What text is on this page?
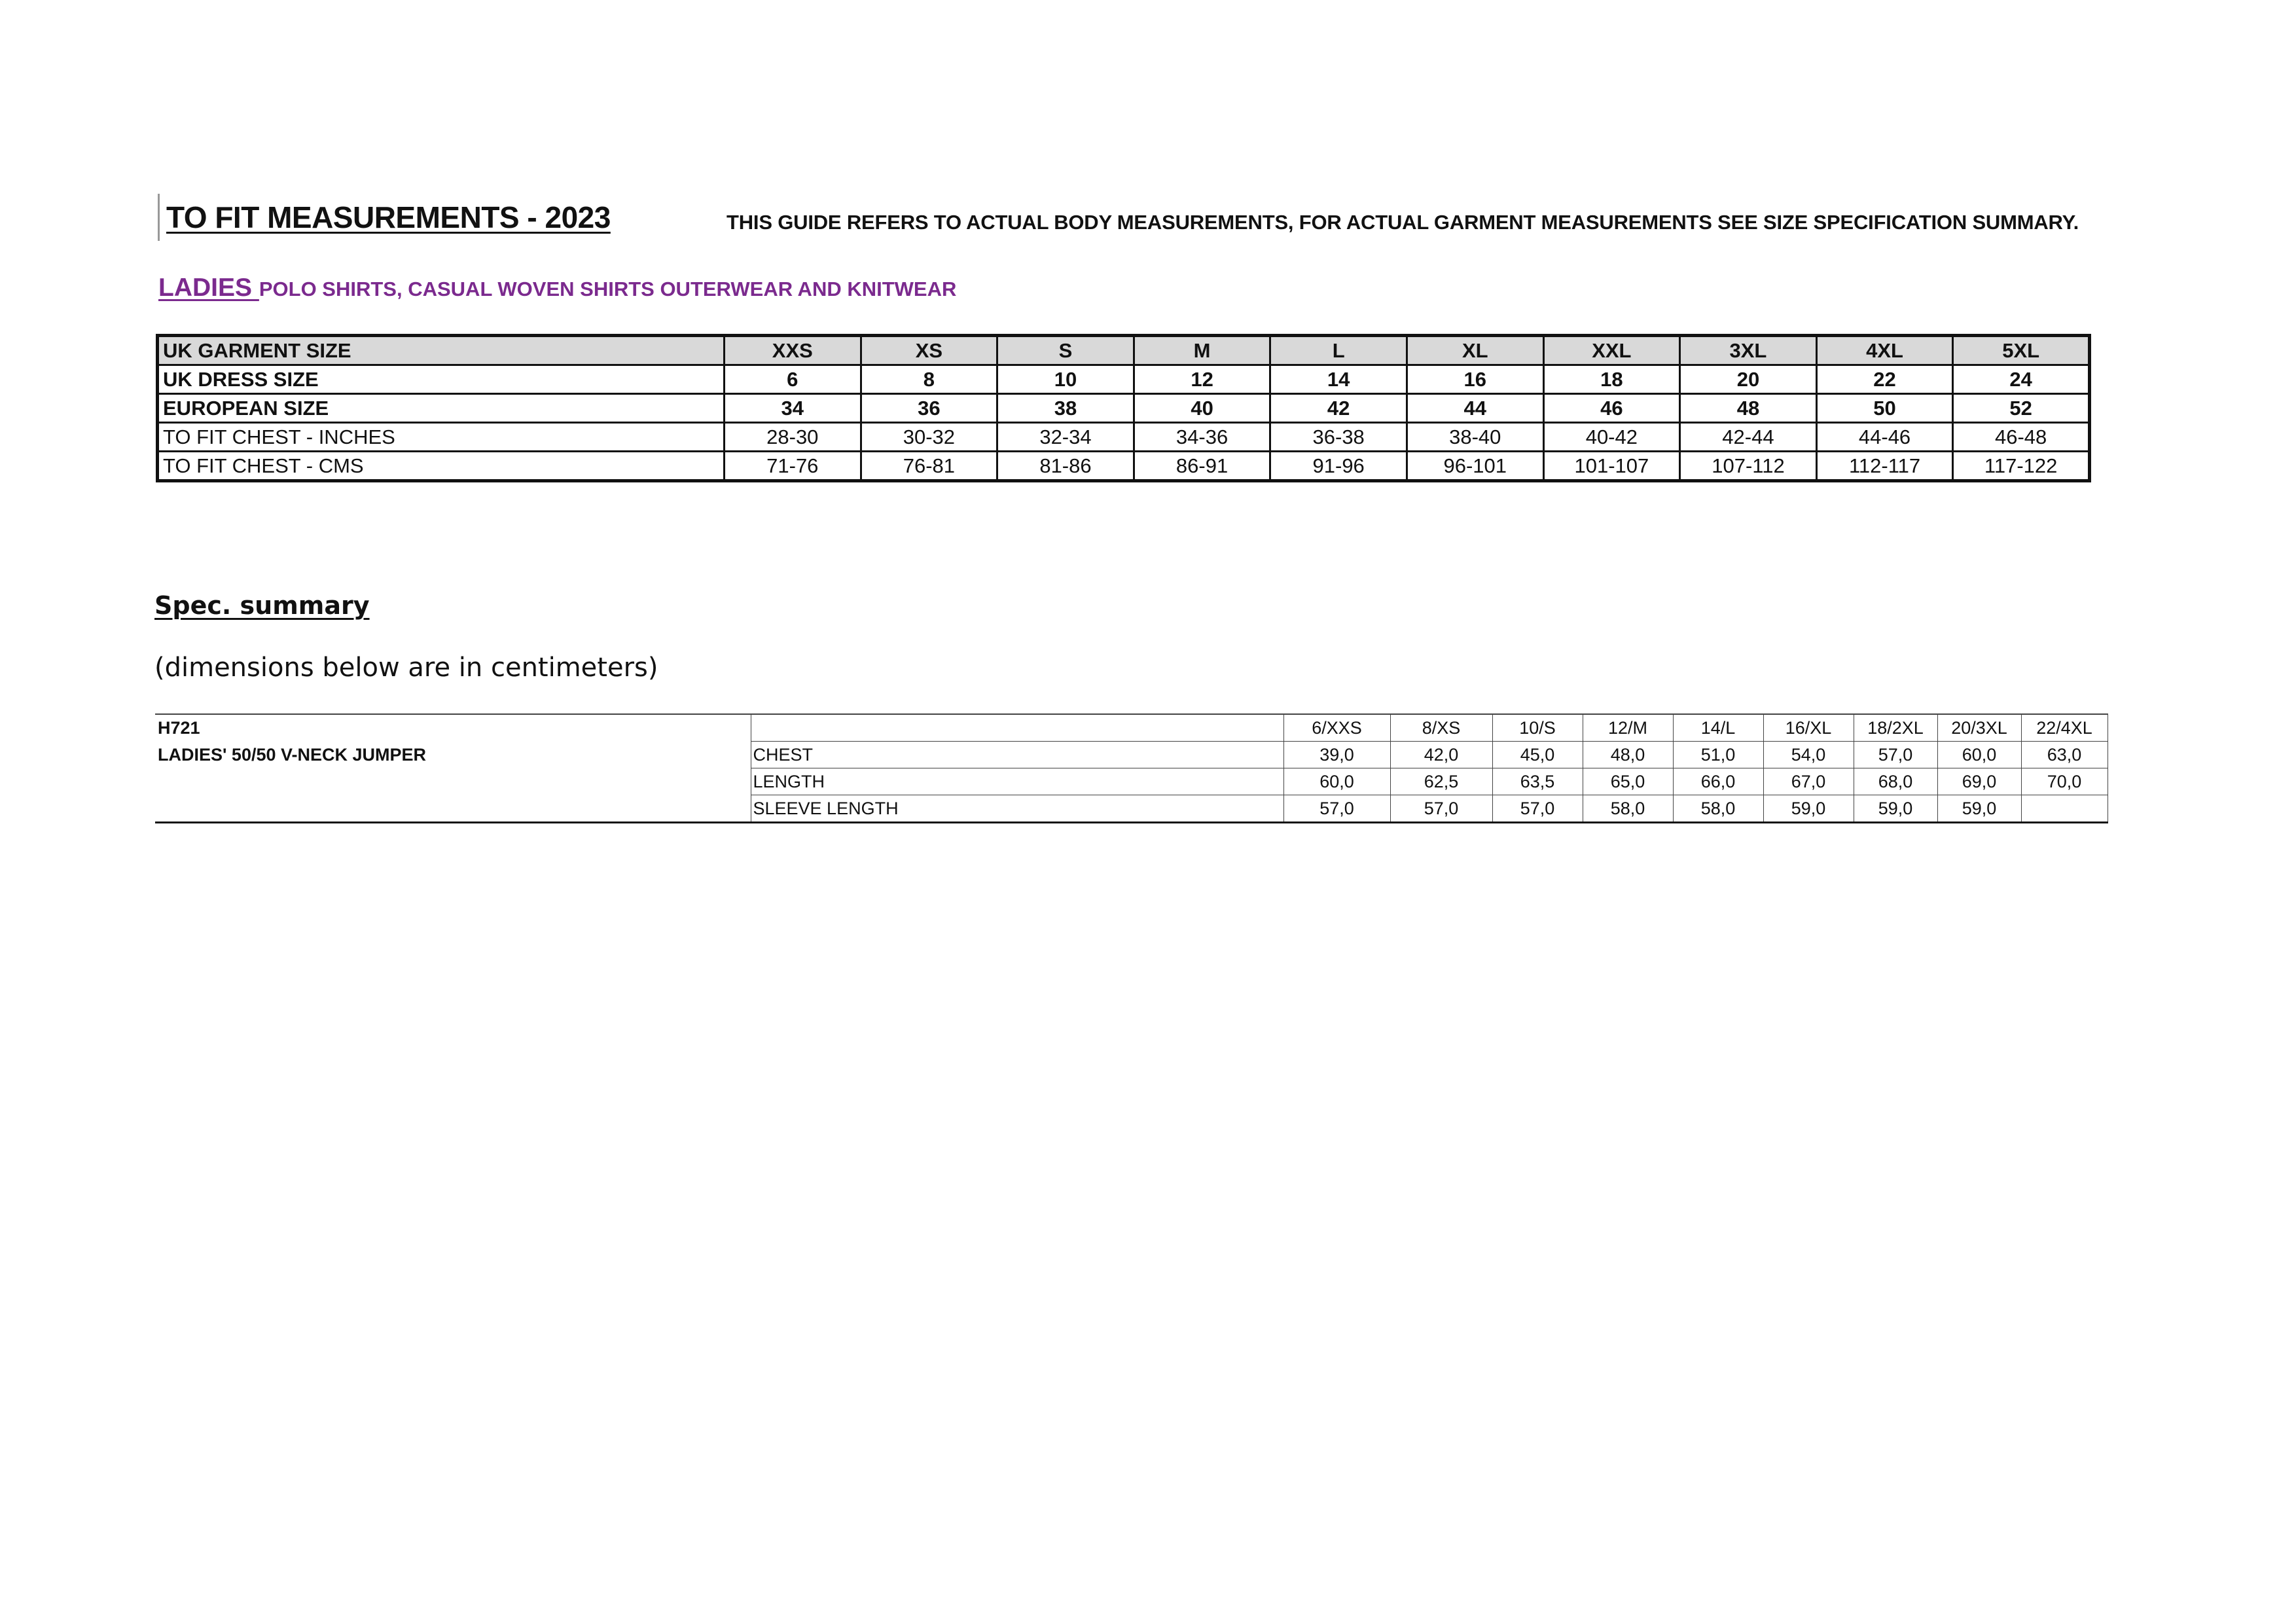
TO FIT MEASUREMENTS - 2023	THIS GUIDE REFERS TO ACTUAL BODY MEASUREMENTS, FOR ACTUAL GARMENT MEASUREMENTS SEE SIZE SPECIFICATION SUMMARY.
LADIES POLO SHIRTS, CASUAL WOVEN SHIRTS OUTERWEAR AND KNITWEAR
UK GARMENT SIZE	XXS	XS	S	M	L	XL	XXL	3XL	4XL	5XL
UK DRESS SIZE	6	8	10	12	14	16	18	20	22	24
EUROPEAN SIZE	34	36	38	40	42	44	46	48	50	52
TO FIT CHEST - INCHES	28-30	30-32	32-34	34-36	36-38	38-40	40-42	42-44	44-46	46-48
TO FIT CHEST - CMS	71-76	76-81	81-86	86-91	91-96	96-101	101-107	107-112	112-117	117-122
Spec. summary
(dimensions below are in centimeters)
H721		6/XXS	8/XS	10/S	12/M	14/L	16/XL	18/2XL	20/3XL	22/4XL
LADIES' 50/50 V-NECK JUMPER	CHEST	39,0	42,0	45,0	48,0	51,0	54,0	57,0	60,0	63,0
	LENGTH	60,0	62,5	63,5	65,0	66,0	67,0	68,0	69,0	70,0
	SLEEVE LENGTH	57,0	57,0	57,0	58,0	58,0	59,0	59,0	59,0	
